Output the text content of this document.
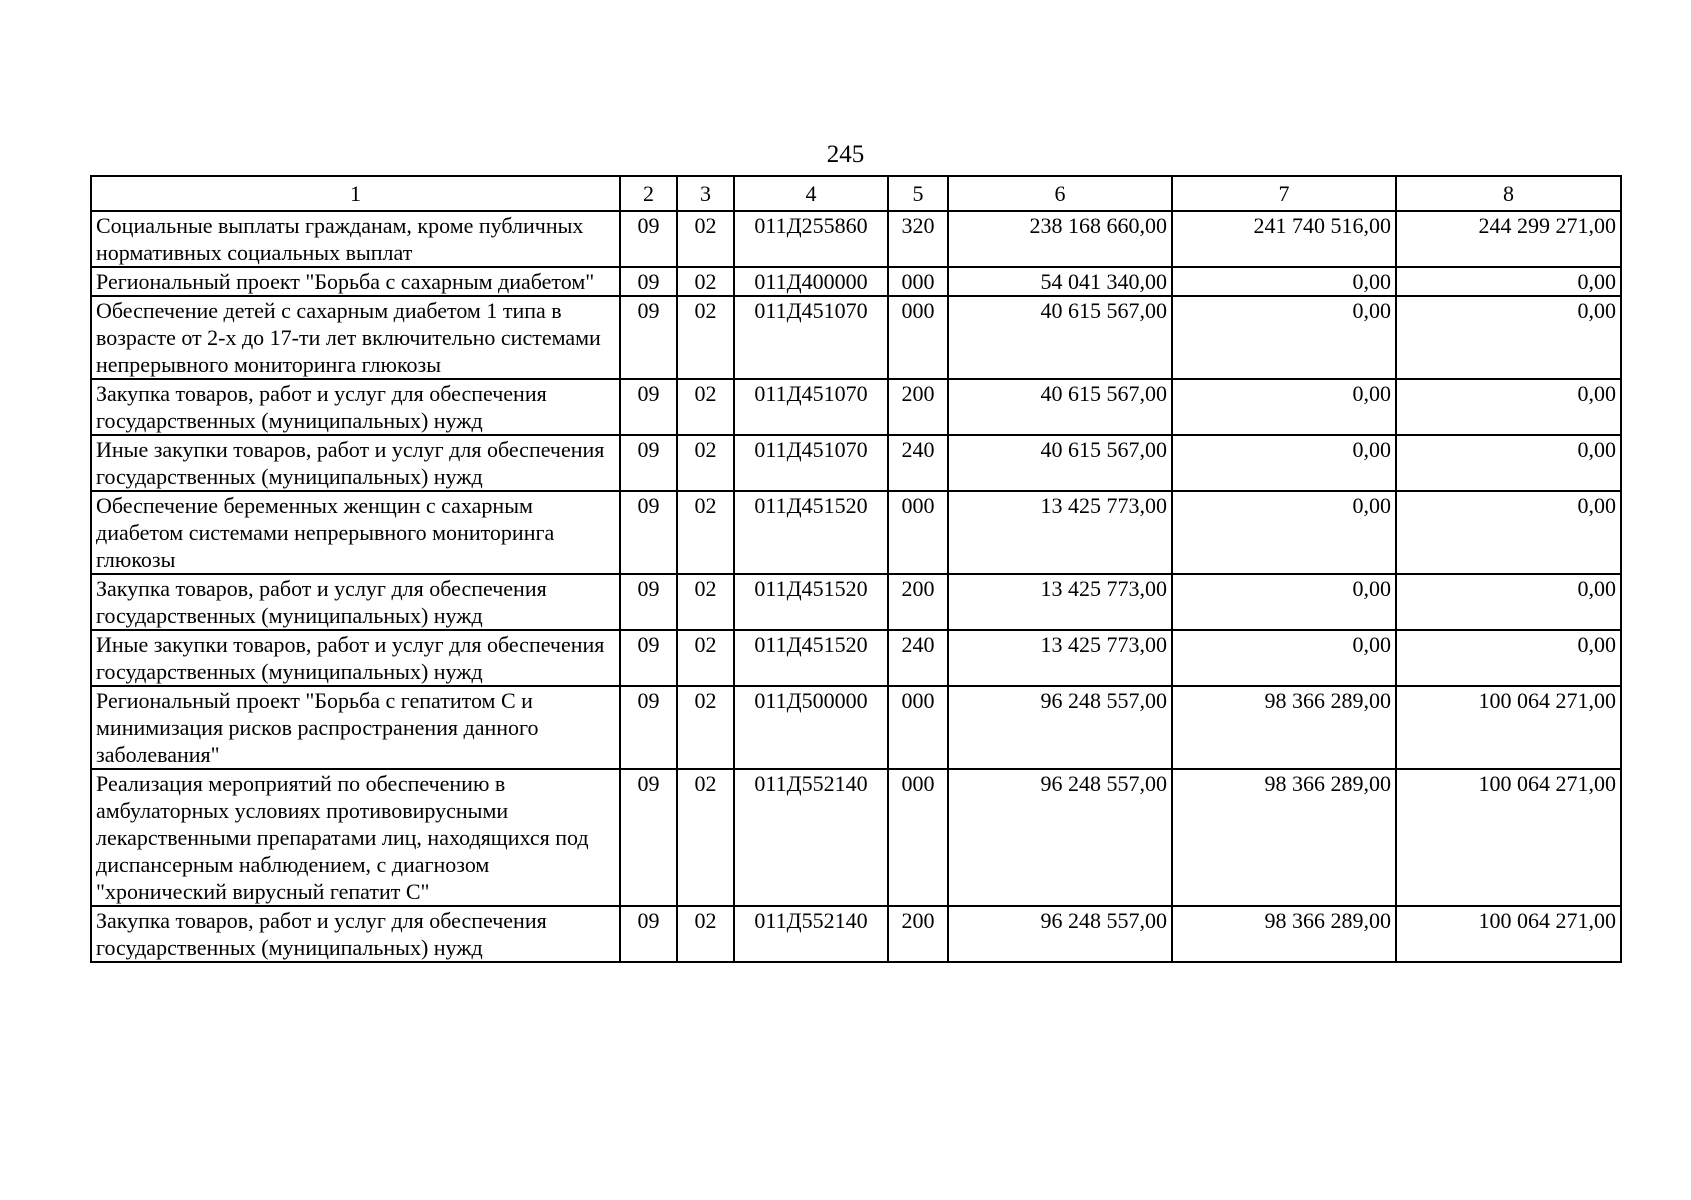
245
1	2	3	4	5	6	7	8
Социальные выплаты гражданам, кроме публичных нормативных социальных выплат	09	02	011Д255860	320	238 168 660,00	241 740 516,00	244 299 271,00
Региональный проект "Борьба с сахарным диабетом"	09	02	011Д400000	000	54 041 340,00	0,00	0,00
Обеспечение детей с сахарным диабетом 1 типа в возрасте от 2-х до 17-ти лет включительно системами непрерывного мониторинга глюкозы	09	02	011Д451070	000	40 615 567,00	0,00	0,00
Закупка товаров, работ и услуг для обеспечения государственных (муниципальных) нужд	09	02	011Д451070	200	40 615 567,00	0,00	0,00
Иные закупки товаров, работ и услуг для обеспечения государственных (муниципальных) нужд	09	02	011Д451070	240	40 615 567,00	0,00	0,00
Обеспечение беременных женщин с сахарным диабетом системами непрерывного мониторинга глюкозы	09	02	011Д451520	000	13 425 773,00	0,00	0,00
Закупка товаров, работ и услуг для обеспечения государственных (муниципальных) нужд	09	02	011Д451520	200	13 425 773,00	0,00	0,00
Иные закупки товаров, работ и услуг для обеспечения государственных (муниципальных) нужд	09	02	011Д451520	240	13 425 773,00	0,00	0,00
Региональный проект "Борьба с гепатитом С и минимизация рисков распространения данного заболевания"	09	02	011Д500000	000	96 248 557,00	98 366 289,00	100 064 271,00
Реализация мероприятий по обеспечению в амбулаторных условиях противовирусными лекарственными препаратами лиц, находящихся под диспансерным наблюдением, с диагнозом "хронический вирусный гепатит С"	09	02	011Д552140	000	96 248 557,00	98 366 289,00	100 064 271,00
Закупка товаров, работ и услуг для обеспечения государственных (муниципальных) нужд	09	02	011Д552140	200	96 248 557,00	98 366 289,00	100 064 271,00
